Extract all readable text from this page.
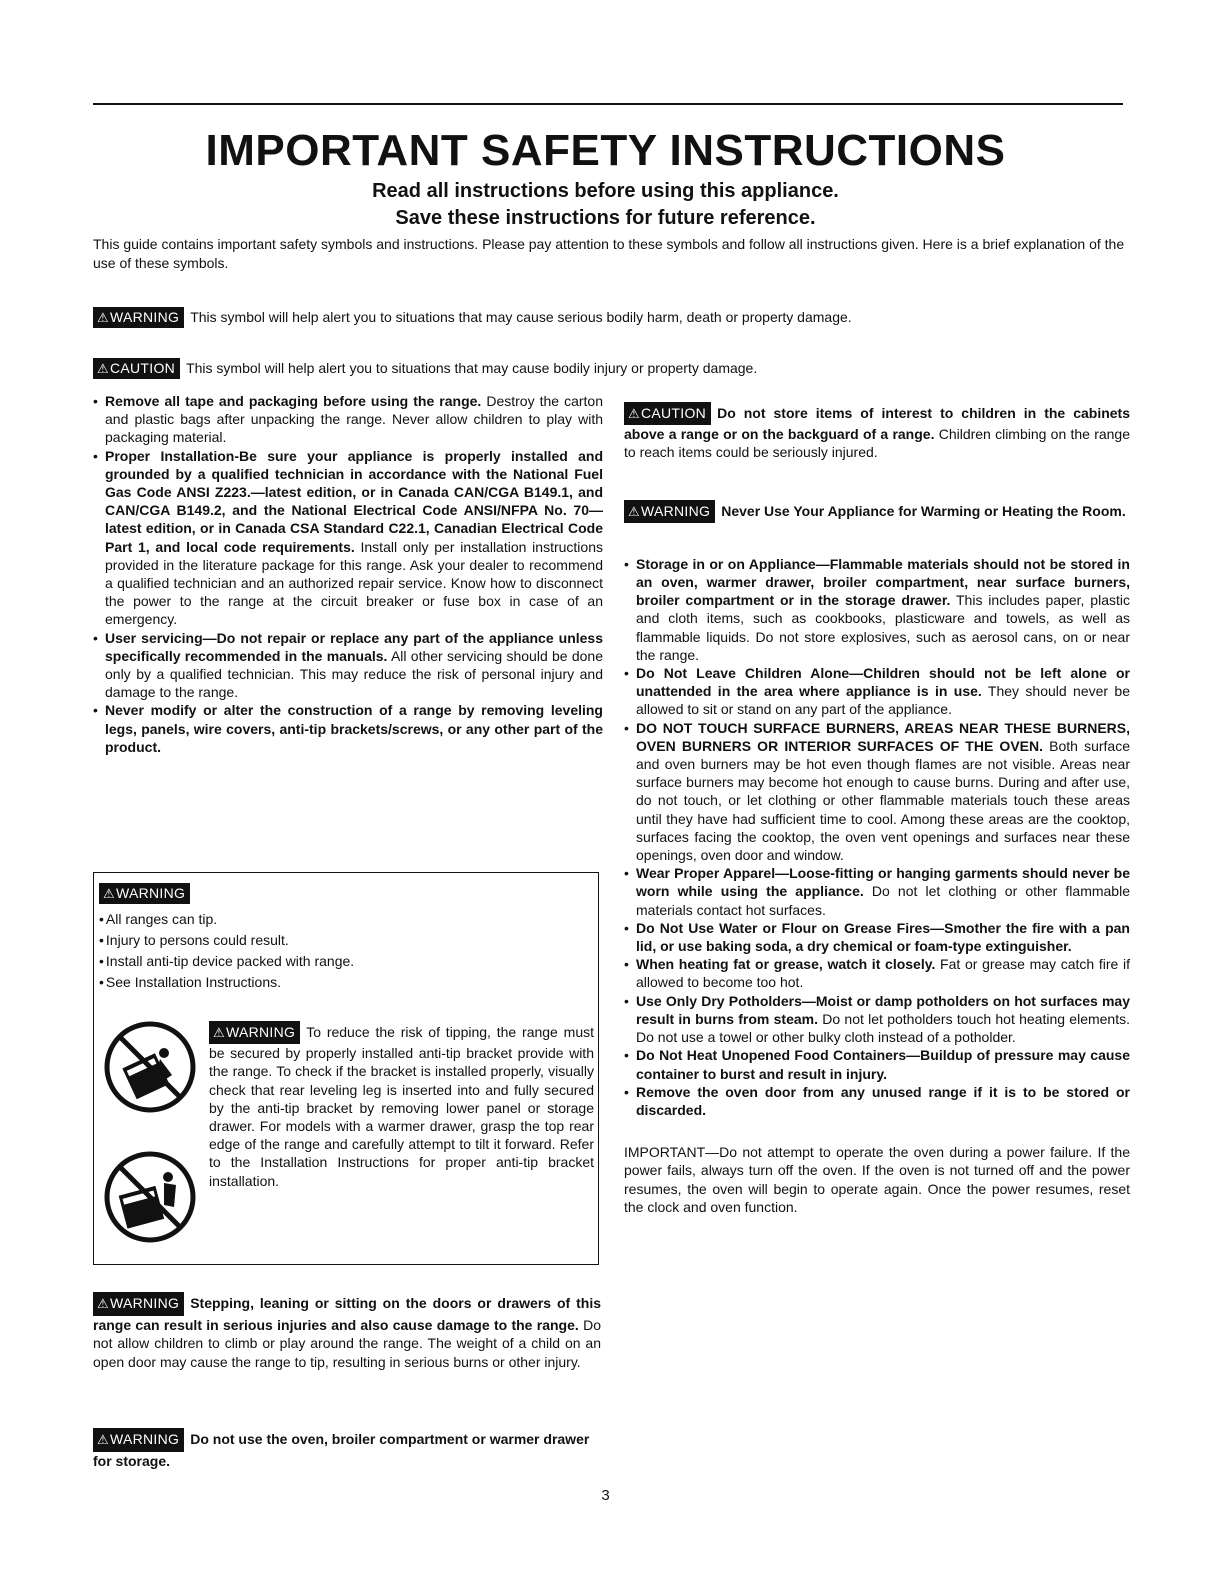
IMPORTANT SAFETY INSTRUCTIONS
Read all instructions before using this appliance.
Save these instructions for future reference.
This guide contains important safety symbols and instructions. Please pay attention to these symbols and follow all instructions given. Here is a brief explanation of the use of these symbols.
⚠WARNING This symbol will help alert you to situations that may cause serious bodily harm, death or property damage.
⚠CAUTION This symbol will help alert you to situations that may cause bodily injury or property damage.
• Remove all tape and packaging before using the range. Destroy the carton and plastic bags after unpacking the range. Never allow children to play with packaging material.
• Proper Installation-Be sure your appliance is properly installed and grounded by a qualified technician in accordance with the National Fuel Gas Code ANSI Z223.—latest edition, or in Canada CAN/CGA B149.1, and CAN/CGA B149.2, and the National Electrical Code ANSI/NFPA No. 70—latest edition, or in Canada CSA Standard C22.1, Canadian Electrical Code Part 1, and local code requirements. Install only per installation instructions provided in the literature package for this range. Ask your dealer to recommend a qualified technician and an authorized repair service. Know how to disconnect the power to the range at the circuit breaker or fuse box in case of an emergency.
• User servicing—Do not repair or replace any part of the appliance unless specifically recommended in the manuals. All other servicing should be done only by a qualified technician. This may reduce the risk of personal injury and damage to the range.
• Never modify or alter the construction of a range by removing leveling legs, panels, wire covers, anti-tip brackets/screws, or any other part of the product.
⚠WARNING
• All ranges can tip.
• Injury to persons could result.
• Install anti-tip device packed with range.
• See Installation Instructions.
⚠WARNING To reduce the risk of tipping, the range must be secured by properly installed anti-tip bracket provide with the range. To check if the bracket is installed properly, visually check that rear leveling leg is inserted into and fully secured by the anti-tip bracket by removing lower panel or storage drawer. For models with a warmer drawer, grasp the top rear edge of the range and carefully attempt to tilt it forward. Refer to the Installation Instructions for proper anti-tip bracket installation.
⚠WARNING Stepping, leaning or sitting on the doors or drawers of this range can result in serious injuries and also cause damage to the range. Do not allow children to climb or play around the range. The weight of a child on an open door may cause the range to tip, resulting in serious burns or other injury.
⚠WARNING Do not use the oven, broiler compartment or warmer drawer for storage.

⚠CAUTION Do not store items of interest to children in the cabinets above a range or on the backguard of a range. Children climbing on the range to reach items could be seriously injured.

⚠WARNING Never Use Your Appliance for Warming or Heating the Room.

• Storage in or on Appliance—Flammable materials should not be stored in an oven, warmer drawer, broiler compartment, near surface burners, broiler compartment or in the storage drawer. This includes paper, plastic and cloth items, such as cookbooks, plasticware and towels, as well as flammable liquids. Do not store explosives, such as aerosol cans, on or near the range.
• Do Not Leave Children Alone—Children should not be left alone or unattended in the area where appliance is in use. They should never be allowed to sit or stand on any part of the appliance.
• DO NOT TOUCH SURFACE BURNERS, AREAS NEAR THESE BURNERS, OVEN BURNERS OR INTERIOR SURFACES OF THE OVEN. Both surface and oven burners may be hot even though flames are not visible. Areas near surface burners may become hot enough to cause burns. During and after use, do not touch, or let clothing or other flammable materials touch these areas until they have had sufficient time to cool. Among these areas are the cooktop, surfaces facing the cooktop, the oven vent openings and surfaces near these openings, oven door and window.
• Wear Proper Apparel—Loose-fitting or hanging garments should never be worn while using the appliance. Do not let clothing or other flammable materials contact hot surfaces.
• Do Not Use Water or Flour on Grease Fires—Smother the fire with a pan lid, or use baking soda, a dry chemical or foam-type extinguisher.
• When heating fat or grease, watch it closely. Fat or grease may catch fire if allowed to become too hot.
• Use Only Dry Potholders—Moist or damp potholders on hot surfaces may result in burns from steam. Do not let potholders touch hot heating elements. Do not use a towel or other bulky cloth instead of a potholder.
• Do Not Heat Unopened Food Containers—Buildup of pressure may cause container to burst and result in injury.
• Remove the oven door from any unused range if it is to be stored or discarded.

IMPORTANT—Do not attempt to operate the oven during a power failure. If the power fails, always turn off the oven. If the oven is not turned off and the power resumes, the oven will begin to operate again. Once the power resumes, reset the clock and oven function.

3
